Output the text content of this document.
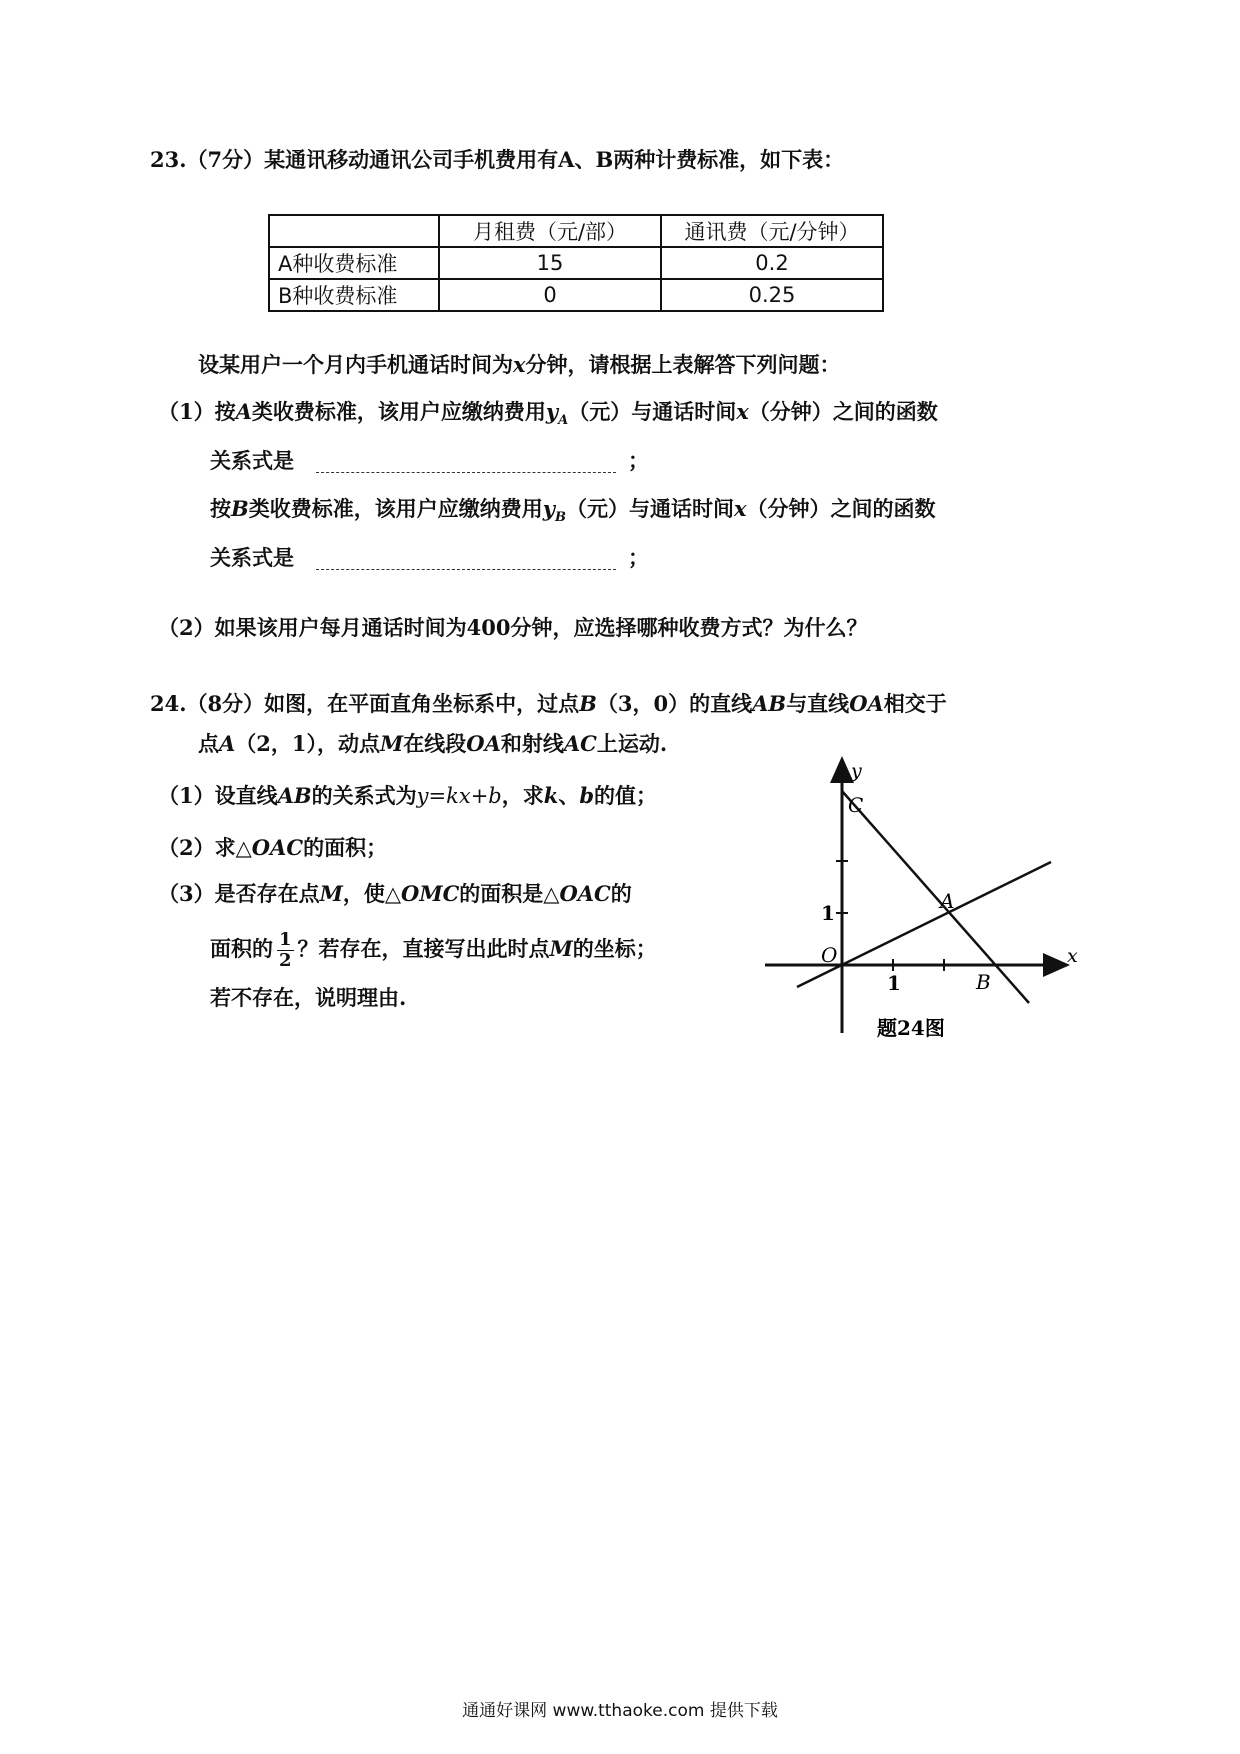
23.（7分）某通讯移动通讯公司手机费用有A、B两种计费标准，如下表：
	月租费（元/部）	通讯费（元/分钟）
A种收费标准	15	0.2
B种收费标准	0	0.25
设某用户一个月内手机通话时间为x分钟，请根据上表解答下列问题：
（1）按A类收费标准，该用户应缴纳费用$y_A$（元）与通话时间x（分钟）之间的函数
关系式是	；
按B类收费标准，该用户应缴纳费用$y_B$（元）与通话时间x（分钟）之间的函数
关系式是	；
（2）如果该用户每月通话时间为400分钟，应选择哪种收费方式？为什么？
24.（8分）如图，在平面直角坐标系中，过点B（3，0）的直线AB与直线OA相交于
点A（2，1），动点M在线段OA和射线AC上运动.
（1）设直线AB的关系式为y=kx+b，求k、b的值；
（2）求△OAC的面积；
（3）是否存在点M，使△OMC的面积是△OAC的
面积的 $\frac{1}{2}$ ？若存在，直接写出此时点M的坐标；
若不存在，说明理由.
y
x
C
A
O
B
1
1
题24图
通通好课网 www.tthaoke.com 提供下载
